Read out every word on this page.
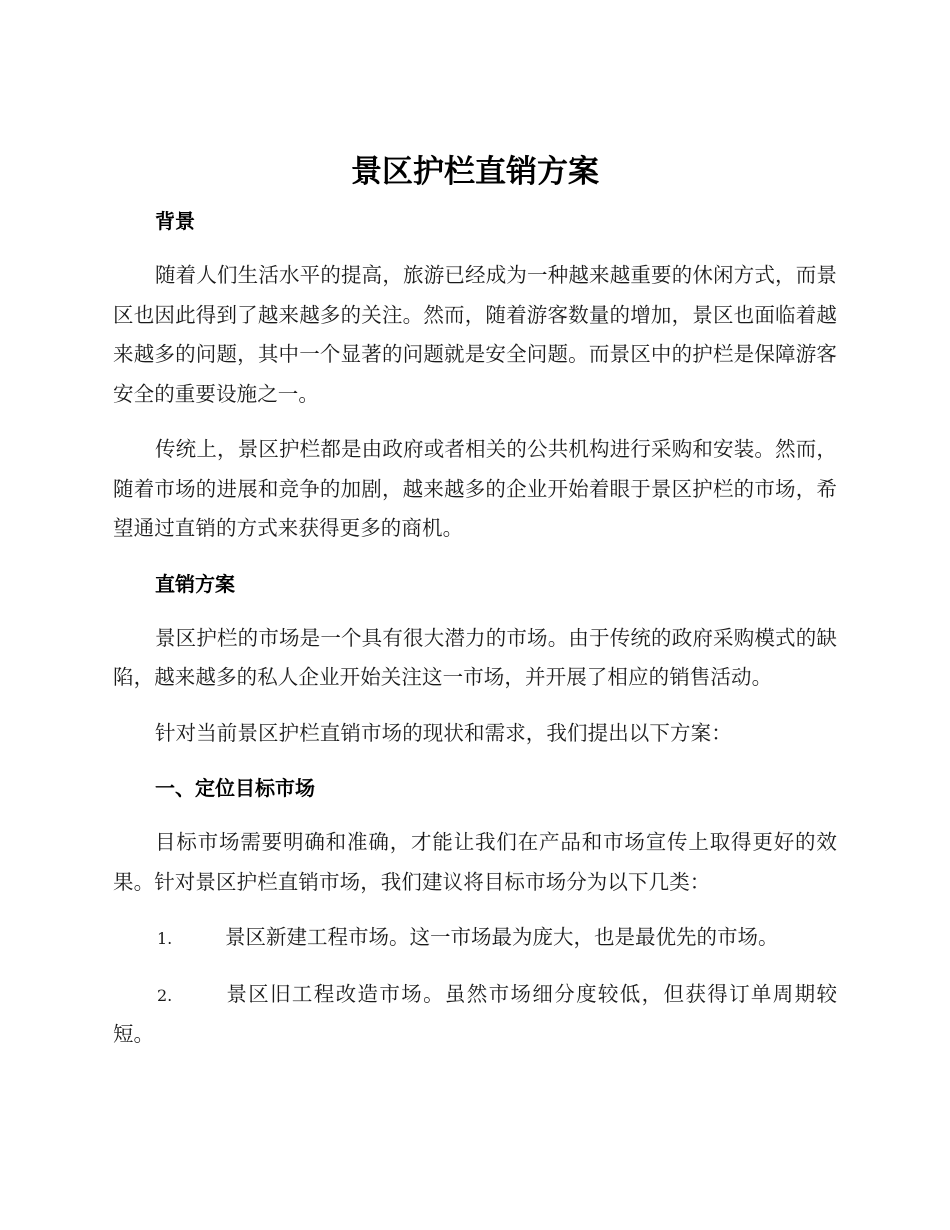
景区护栏直销方案

背景

随着人们生活水平的提高，旅游已经成为一种越来越重要的休闲方式，而景区也因此得到了越来越多的关注。然而，随着游客数量的增加，景区也面临着越来越多的问题，其中一个显著的问题就是安全问题。而景区中的护栏是保障游客安全的重要设施之一。

传统上，景区护栏都是由政府或者相关的公共机构进行采购和安装。然而，随着市场的进展和竞争的加剧，越来越多的企业开始着眼于景区护栏的市场，希望通过直销的方式来获得更多的商机。

直销方案

景区护栏的市场是一个具有很大潜力的市场。由于传统的政府采购模式的缺陷，越来越多的私人企业开始关注这一市场，并开展了相应的销售活动。

针对当前景区护栏直销市场的现状和需求，我们提出以下方案：

一、定位目标市场

目标市场需要明确和准确，才能让我们在产品和市场宣传上取得更好的效果。针对景区护栏直销市场，我们建议将目标市场分为以下几类：

1.	景区新建工程市场。这一市场最为庞大，也是最优先的市场。

2.	景区旧工程改造市场。虽然市场细分度较低，但获得订单周期较短。
